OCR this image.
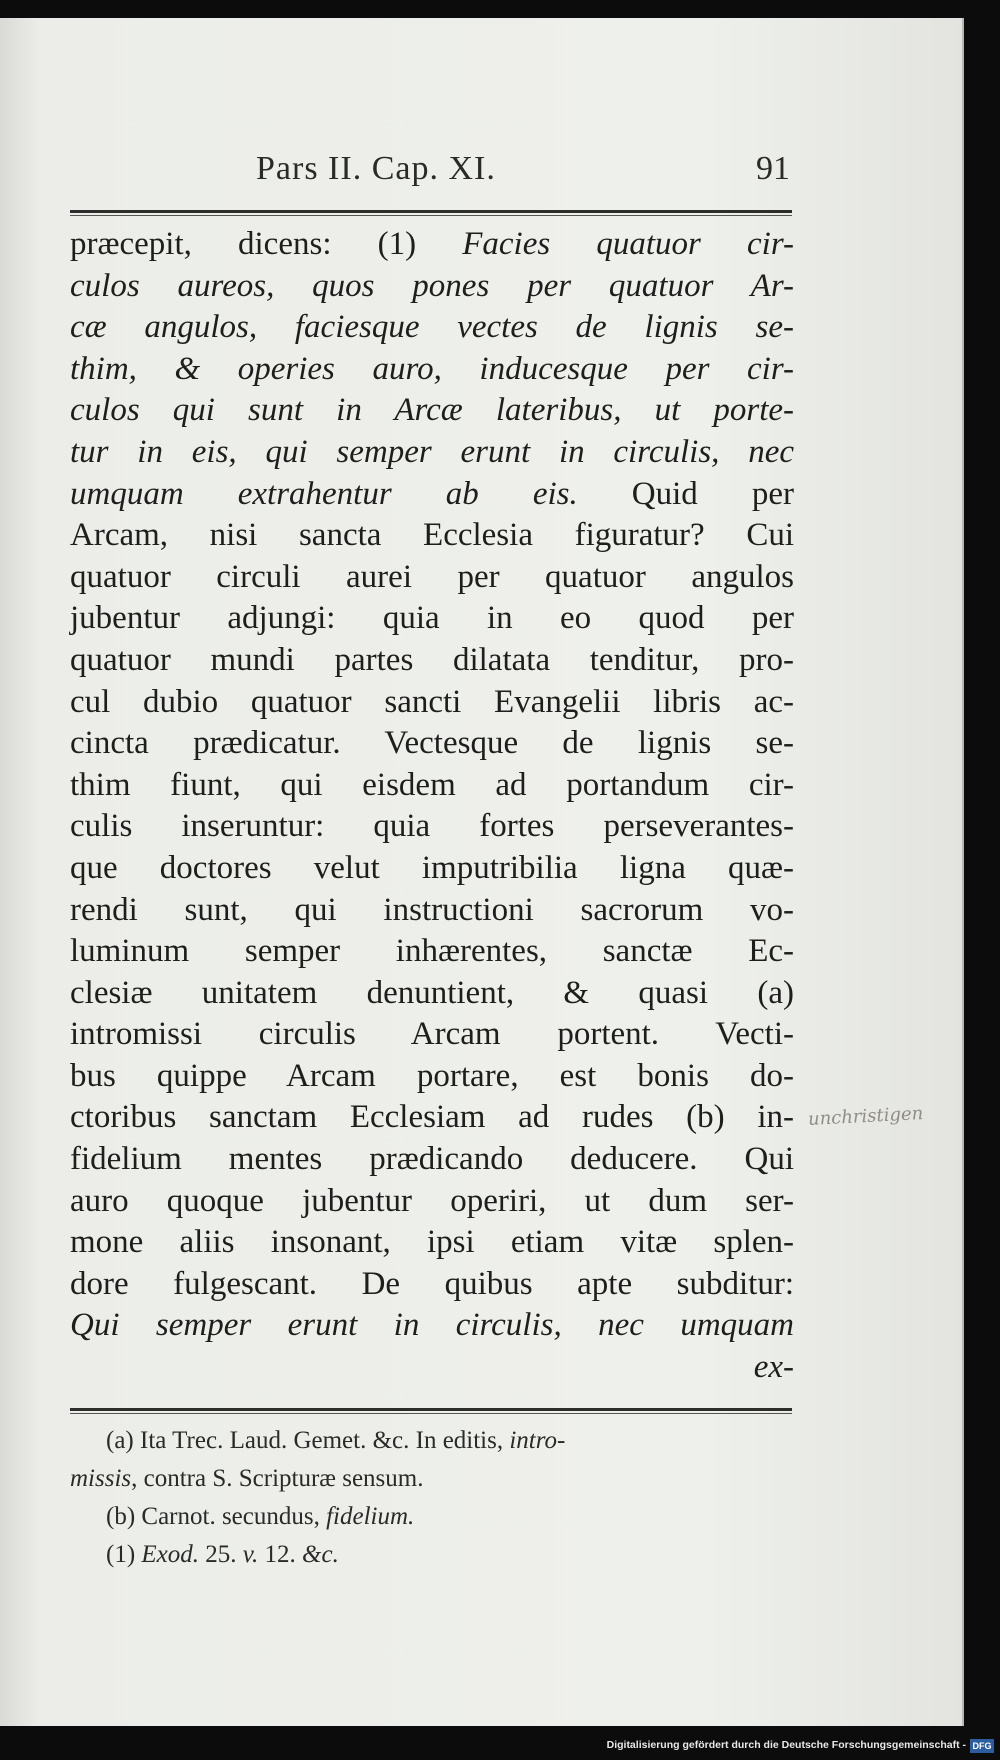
Pars II. Cap. XI.	91
præcepit, dicens: (1) Facies quatuor cir-
culos aureos, quos pones per quatuor Ar-
cæ angulos, faciesque vectes de lignis se-
thim, & operies auro, inducesque per cir-
culos qui sunt in Arcæ lateribus, ut porte-
tur in eis, qui semper erunt in circulis, nec
umquam extrahentur ab eis. Quid per
Arcam, nisi sancta Ecclesia figuratur? Cui
quatuor circuli aurei per quatuor angulos
jubentur adjungi: quia in eo quod per
quatuor mundi partes dilatata tenditur, pro-
cul dubio quatuor sancti Evangelii libris ac-
cincta prædicatur. Vectesque de lignis se-
thim fiunt, qui eisdem ad portandum cir-
culis inseruntur: quia fortes perseverantes-
que doctores velut imputribilia ligna quæ-
rendi sunt, qui instructioni sacrorum vo-
luminum semper inhærentes, sanctæ Ec-
clesiæ unitatem denuntient, & quasi (a)
intromissi circulis Arcam portent. Vecti-
bus quippe Arcam portare, est bonis do-
ctoribus sanctam Ecclesiam ad rudes (b) in-
fidelium mentes prædicando deducere. Qui
auro quoque jubentur operiri, ut dum ser-
mone aliis insonant, ipsi etiam vitæ splen-
dore fulgescant. De quibus apte subditur:
Qui semper erunt in circulis, nec umquam
ex-
(a) Ita Trec. Laud. Gemet. &c. In editis, intro-
missis, contra S. Scripturæ sensum.
(b) Carnot. secundus, fidelium.
(1) Exod. 25. v. 12. &c.
unchristigen
Digitalisierung gefördert durch die Deutsche Forschungsgemeinschaft - DFG
